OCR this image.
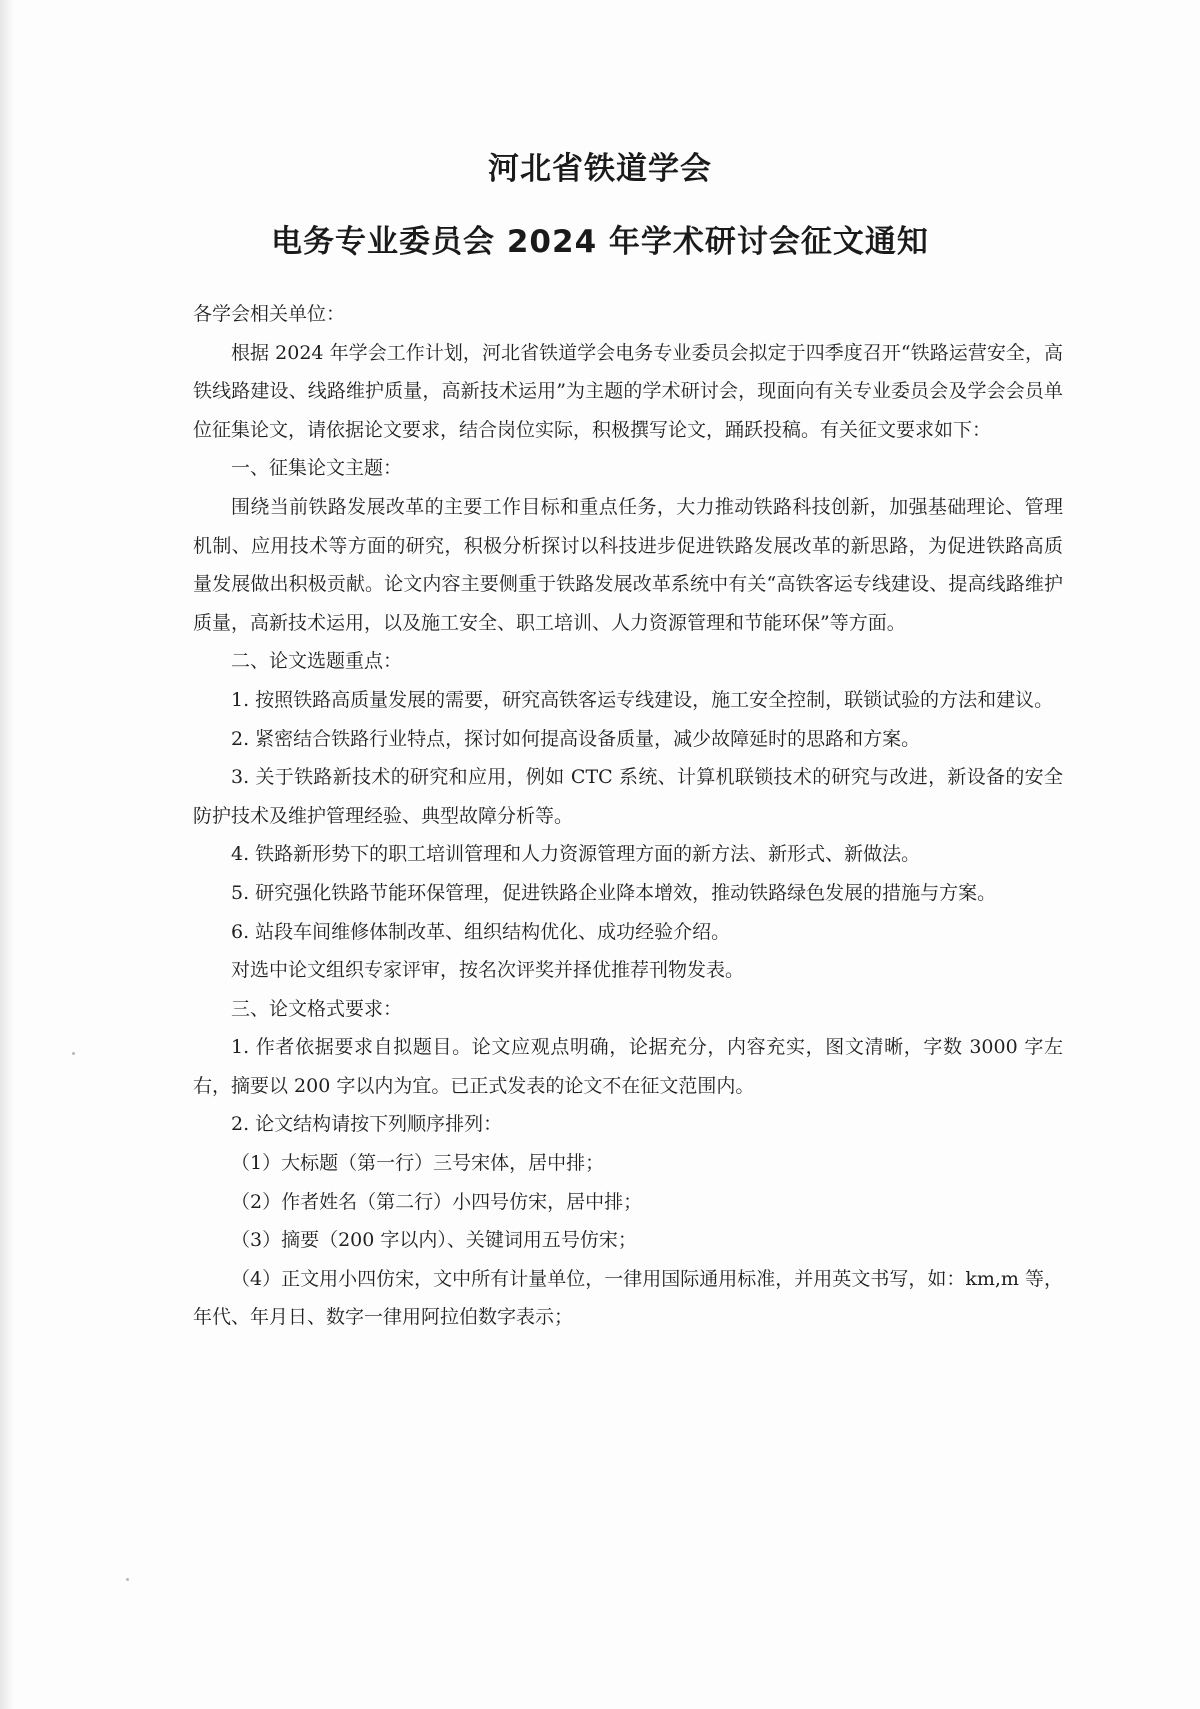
河北省铁道学会
电务专业委员会 2024 年学术研讨会征文通知

各学会相关单位：

根据 2024 年学会工作计划，河北省铁道学会电务专业委员会拟定于四季度召开“铁路运营安全，高铁线路建设、线路维护质量，高新技术运用”为主题的学术研讨会，现面向有关专业委员会及学会会员单位征集论文，请依据论文要求，结合岗位实际，积极撰写论文，踊跃投稿。有关征文要求如下：

一、征集论文主题：

围绕当前铁路发展改革的主要工作目标和重点任务，大力推动铁路科技创新，加强基础理论、管理机制、应用技术等方面的研究，积极分析探讨以科技进步促进铁路发展改革的新思路，为促进铁路高质量发展做出积极贡献。论文内容主要侧重于铁路发展改革系统中有关“高铁客运专线建设、提高线路维护质量，高新技术运用，以及施工安全、职工培训、人力资源管理和节能环保”等方面。

二、论文选题重点：

1. 按照铁路高质量发展的需要，研究高铁客运专线建设，施工安全控制，联锁试验的方法和建议。

2. 紧密结合铁路行业特点，探讨如何提高设备质量，减少故障延时的思路和方案。

3. 关于铁路新技术的研究和应用，例如 CTC 系统、计算机联锁技术的研究与改进，新设备的安全防护技术及维护管理经验、典型故障分析等。

4. 铁路新形势下的职工培训管理和人力资源管理方面的新方法、新形式、新做法。

5. 研究强化铁路节能环保管理，促进铁路企业降本增效，推动铁路绿色发展的措施与方案。

6. 站段车间维修体制改革、组织结构优化、成功经验介绍。

对选中论文组织专家评审，按名次评奖并择优推荐刊物发表。

三、论文格式要求：

1. 作者依据要求自拟题目。论文应观点明确，论据充分，内容充实，图文清晰，字数 3000 字左右，摘要以 200 字以内为宜。已正式发表的论文不在征文范围内。

2. 论文结构请按下列顺序排列：

（1）大标题（第一行）三号宋体，居中排；

（2）作者姓名（第二行）小四号仿宋，居中排；

（3）摘要（200 字以内）、关键词用五号仿宋；

（4）正文用小四仿宋，文中所有计量单位，一律用国际通用标准，并用英文书写，如：km,m 等，年代、年月日、数字一律用阿拉伯数字表示；
